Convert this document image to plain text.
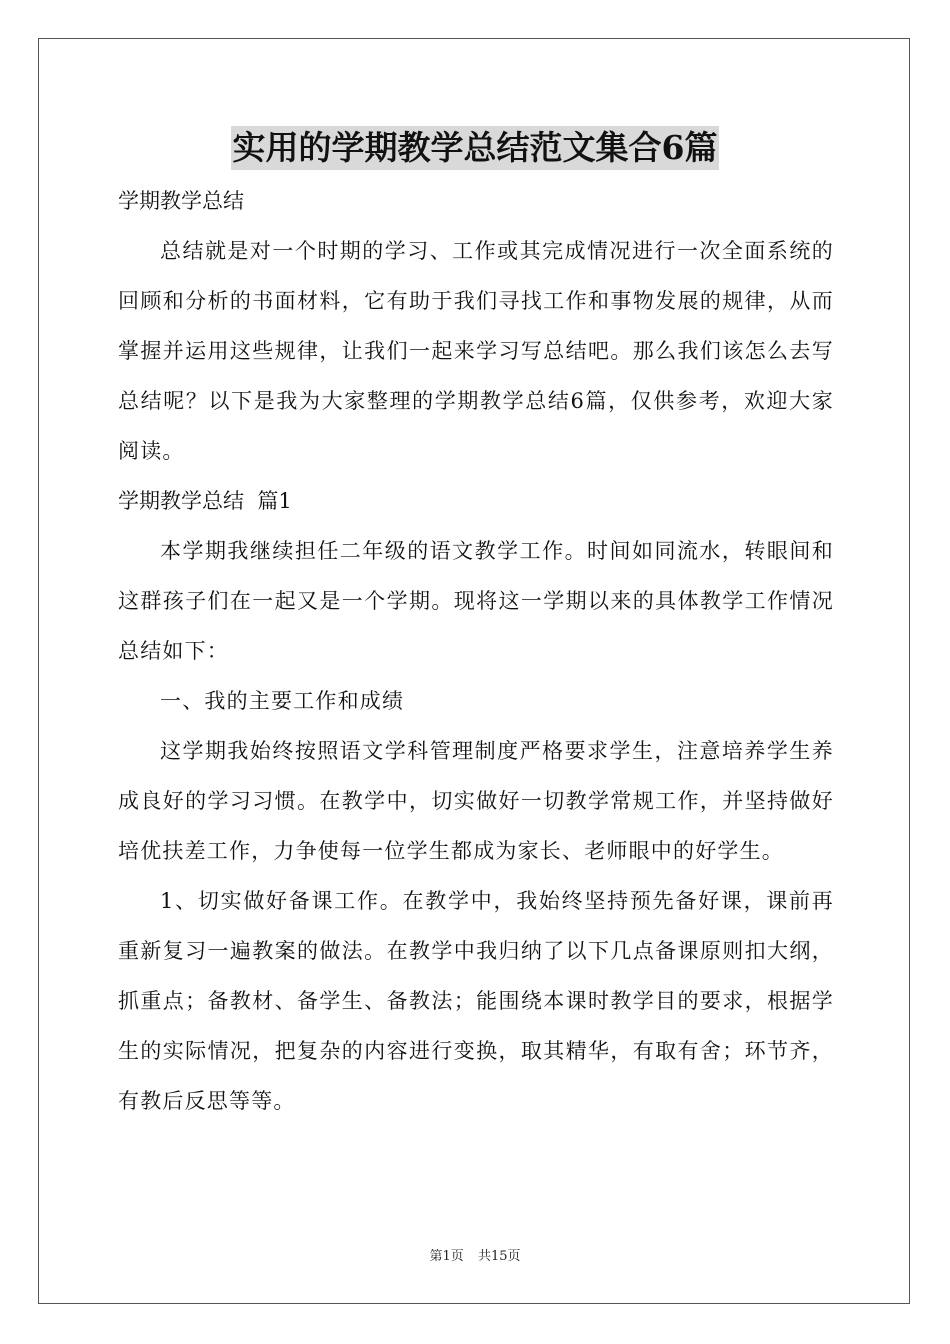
实用的学期教学总结范文集合6篇

学期教学总结

总结就是对一个时期的学习、工作或其完成情况进行一次全面系统的回顾和分析的书面材料，它有助于我们寻找工作和事物发展的规律，从而掌握并运用这些规律，让我们一起来学习写总结吧。那么我们该怎么去写总结呢？以下是我为大家整理的学期教学总结6篇，仅供参考，欢迎大家阅读。

学期教学总结  篇1

本学期我继续担任二年级的语文教学工作。时间如同流水，转眼间和这群孩子们在一起又是一个学期。现将这一学期以来的具体教学工作情况总结如下：

一、我的主要工作和成绩

这学期我始终按照语文学科管理制度严格要求学生，注意培养学生养成良好的学习习惯。在教学中，切实做好一切教学常规工作，并坚持做好培优扶差工作，力争使每一位学生都成为家长、老师眼中的好学生。

1、切实做好备课工作。在教学中，我始终坚持预先备好课，课前再重新复习一遍教案的做法。在教学中我归纳了以下几点备课原则扣大纲，抓重点；备教材、备学生、备教法；能围绕本课时教学目的要求，根据学生的实际情况，把复杂的内容进行变换，取其精华，有取有舍；环节齐，有教后反思等等。

第1页 共15页
